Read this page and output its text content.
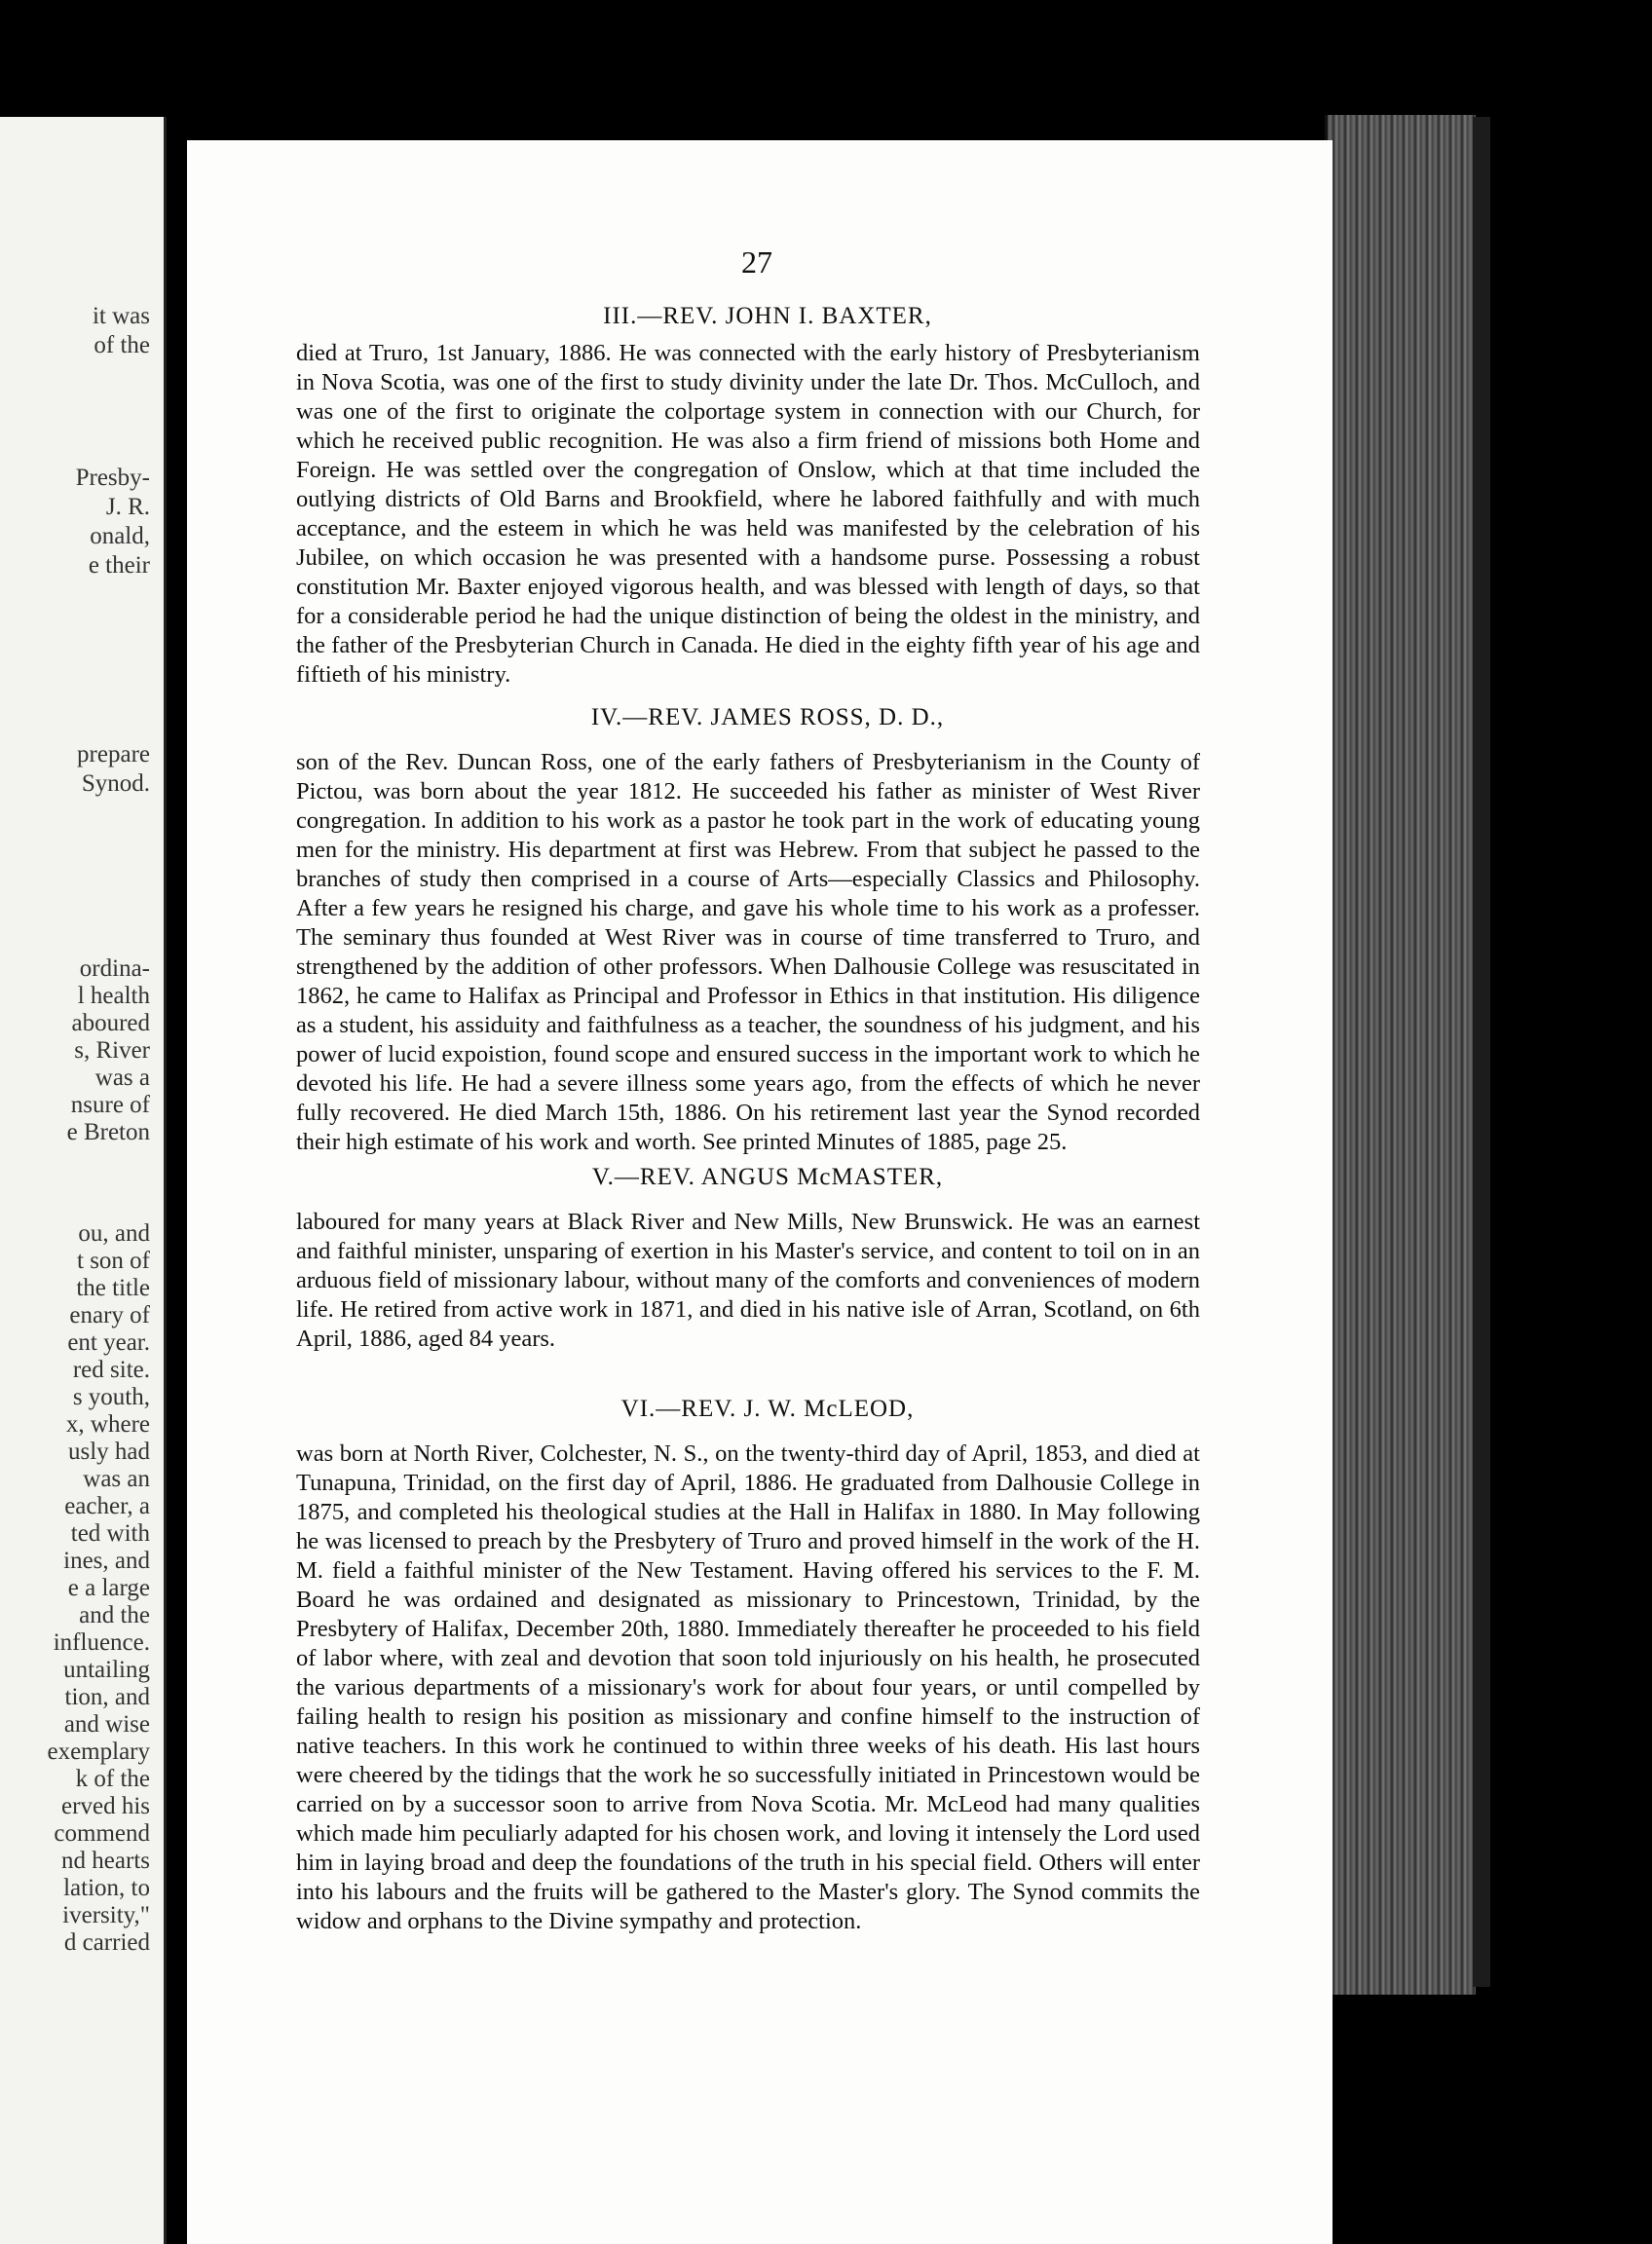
it was
of the
Presby-
J. R.
onald,
e their
prepare
Synod.
ordina-
l health
aboured
s, River
was a
nsure of
e Breton
ou, and
t son of
the title
enary of
ent year.
red site.
s youth,
x, where
usly had
was an
eacher, a
ted with
ines, and
e a large
and the
influence.
untailing
tion, and
and wise
exemplary
k of the
erved his
commend
nd hearts
lation, to
iversity,"
d carried
27
III.—REV. JOHN I. BAXTER,

died at Truro, 1st January, 1886. He was connected with the early history of Presbyterianism in Nova Scotia, was one of the first to study divinity under the late Dr. Thos. McCulloch, and was one of the first to originate the colportage system in connection with our Church, for which he received public recognition. He was also a firm friend of missions both Home and Foreign. He was settled over the congregation of Onslow, which at that time included the outlying districts of Old Barns and Brookfield, where he labored faithfully and with much acceptance, and the esteem in which he was held was manifested by the celebration of his Jubilee, on which occasion he was presented with a handsome purse. Possessing a robust constitution Mr. Baxter enjoyed vigorous health, and was blessed with length of days, so that for a considerable period he had the unique distinction of being the oldest in the ministry, and the father of the Presbyterian Church in Canada. He died in the eighty fifth year of his age and fiftieth of his ministry.

IV.—REV. JAMES ROSS, D. D.,

son of the Rev. Duncan Ross, one of the early fathers of Presbyterianism in the County of Pictou, was born about the year 1812. He succeeded his father as minister of West River congregation. In addition to his work as a pastor he took part in the work of educating young men for the ministry. His department at first was Hebrew. From that subject he passed to the branches of study then comprised in a course of Arts—especially Classics and Philosophy. After a few years he resigned his charge, and gave his whole time to his work as a professer. The seminary thus founded at West River was in course of time transferred to Truro, and strengthened by the addition of other professors. When Dalhousie College was resuscitated in 1862, he came to Halifax as Principal and Professor in Ethics in that institution. His diligence as a student, his assiduity and faithfulness as a teacher, the soundness of his judgment, and his power of lucid expoistion, found scope and ensured success in the important work to which he devoted his life. He had a severe illness some years ago, from the effects of which he never fully recovered. He died March 15th, 1886. On his retirement last year the Synod recorded their high estimate of his work and worth. See printed Minutes of 1885, page 25.

V.—REV. ANGUS McMASTER,

laboured for many years at Black River and New Mills, New Brunswick. He was an earnest and faithful minister, unsparing of exertion in his Master's service, and content to toil on in an arduous field of missionary labour, without many of the comforts and conveniences of modern life. He retired from active work in 1871, and died in his native isle of Arran, Scotland, on 6th April, 1886, aged 84 years.

VI.—REV. J. W. McLEOD,

was born at North River, Colchester, N. S., on the twenty-third day of April, 1853, and died at Tunapuna, Trinidad, on the first day of April, 1886. He graduated from Dalhousie College in 1875, and completed his theological studies at the Hall in Halifax in 1880. In May following he was licensed to preach by the Presbytery of Truro and proved himself in the work of the H. M. field a faithful minister of the New Testament. Having offered his services to the F. M. Board he was ordained and designated as missionary to Princestown, Trinidad, by the Presbytery of Halifax, December 20th, 1880. Immediately thereafter he proceeded to his field of labor where, with zeal and devotion that soon told injuriously on his health, he prosecuted the various departments of a missionary's work for about four years, or until compelled by failing health to resign his position as missionary and confine himself to the instruction of native teachers. In this work he continued to within three weeks of his death. His last hours were cheered by the tidings that the work he so successfully initiated in Princestown would be carried on by a successor soon to arrive from Nova Scotia. Mr. McLeod had many qualities which made him peculiarly adapted for his chosen work, and loving it intensely the Lord used him in laying broad and deep the foundations of the truth in his special field. Others will enter into his labours and the fruits will be gathered to the Master's glory. The Synod commits the widow and orphans to the Divine sympathy and protection.
